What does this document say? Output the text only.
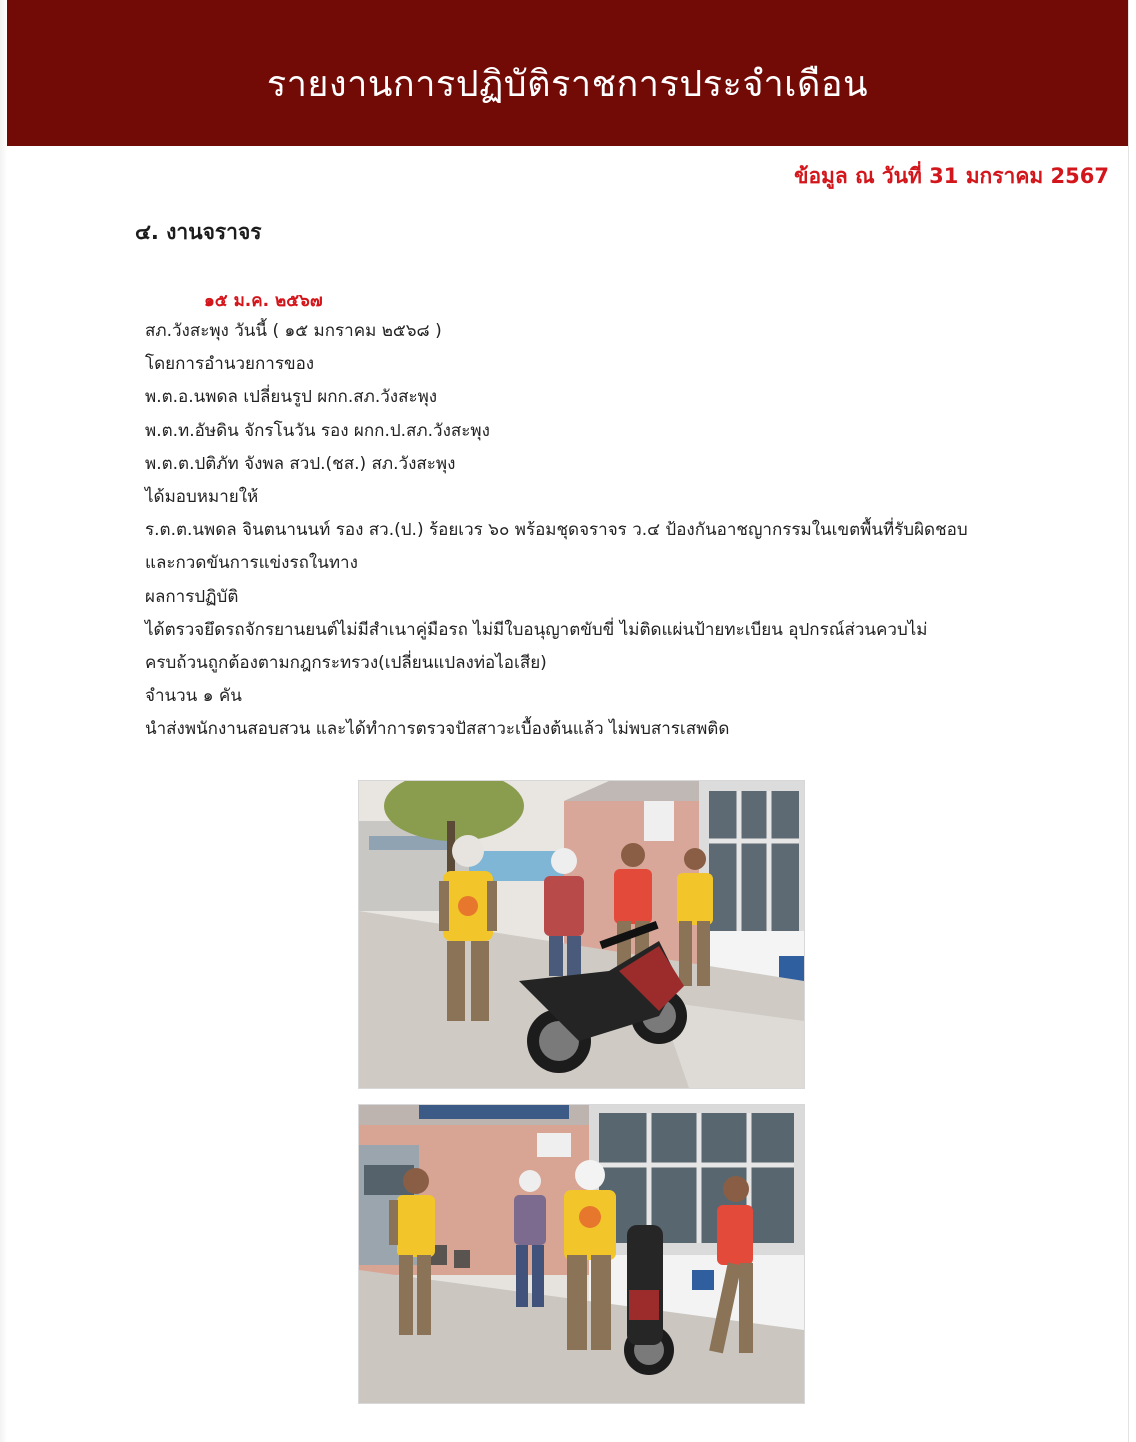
รายงานการปฏิบัติราชการประจำเดือน
ข้อมูล ณ วันที่ 31 มกราคม 2567
๔. งานจราจร
๑๕ ม.ค. ๒๕๖๗
สภ.วังสะพุง วันนี้ ( ๑๕ มกราคม ๒๕๖๘ )
โดยการอำนวยการของ
พ.ต.อ.นพดล เปลี่ยนรูป ผกก.สภ.วังสะพุง
พ.ต.ท.อัษดิน จักรโนวัน รอง ผกก.ป.สภ.วังสะพุง
พ.ต.ต.ปติภัท จังพล สวป.(ชส.) สภ.วังสะพุง
ได้มอบหมายให้
ร.ต.ต.นพดล จินตนานนท์ รอง สว.(ป.) ร้อยเวร ๖๐ พร้อมชุดจราจร ว.๔ ป้องกันอาชญากรรมในเขตพื้นที่รับผิดชอบ
และกวดขันการแข่งรถในทาง
ผลการปฏิบัติ
ได้ตรวจยึดรถจักรยานยนต์ไม่มีสำเนาคู่มือรถ ไม่มีใบอนุญาตขับขี่ ไม่ติดแผ่นป้ายทะเบียน อุปกรณ์ส่วนควบไม่
ครบถ้วนถูกต้องตามกฎกระทรวง(เปลี่ยนแปลงท่อไอเสีย)
จำนวน ๑ คัน
นำส่งพนักงานสอบสวน และได้ทำการตรวจปัสสาวะเบื้องต้นแล้ว ไม่พบสารเสพติด
